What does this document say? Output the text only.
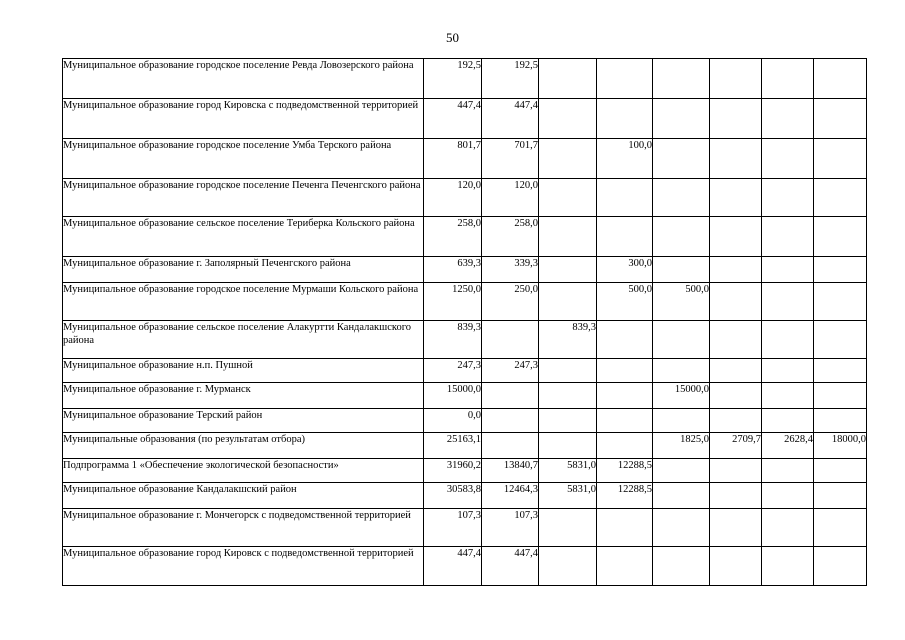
50
Муниципальное образование городское поселение Ревда Ловозерского района	192,5	192,5						
Муниципальное образование город Кировска с подведомственной территорией	447,4	447,4						
Муниципальное образование городское поселение Умба Терского района	801,7	701,7		100,0				
Муниципальное образование городское поселение Печенга Печенгского района	120,0	120,0						
Муниципальное образование сельское поселение Териберка Кольского района	258,0	258,0						
Муниципальное образование г. Заполярный Печенгского района	639,3	339,3		300,0				
Муниципальное образование городское поселение Мурмаши Кольского района	1250,0	250,0		500,0	500,0			
Муниципальное образование сельское поселение Алакуртти Кандалакшского района	839,3		839,3					
Муниципальное образование н.п. Пушной	247,3	247,3						
Муниципальное образование г. Мурманск	15000,0				15000,0			
Муниципальное образование Терский район	0,0							
Муниципальные образования (по результатам отбора)	25163,1				1825,0	2709,7	2628,4	18000,0
Подпрограмма 1 «Обеспечение экологической безопасности»	31960,2	13840,7	5831,0	12288,5				
Муниципальное образование Кандалакшский район	30583,8	12464,3	5831,0	12288,5				
Муниципальное образование г. Мончегорск с подведомственной территорией	107,3	107,3						
Муниципальное образование город Кировск с подведомственной территорией	447,4	447,4						
